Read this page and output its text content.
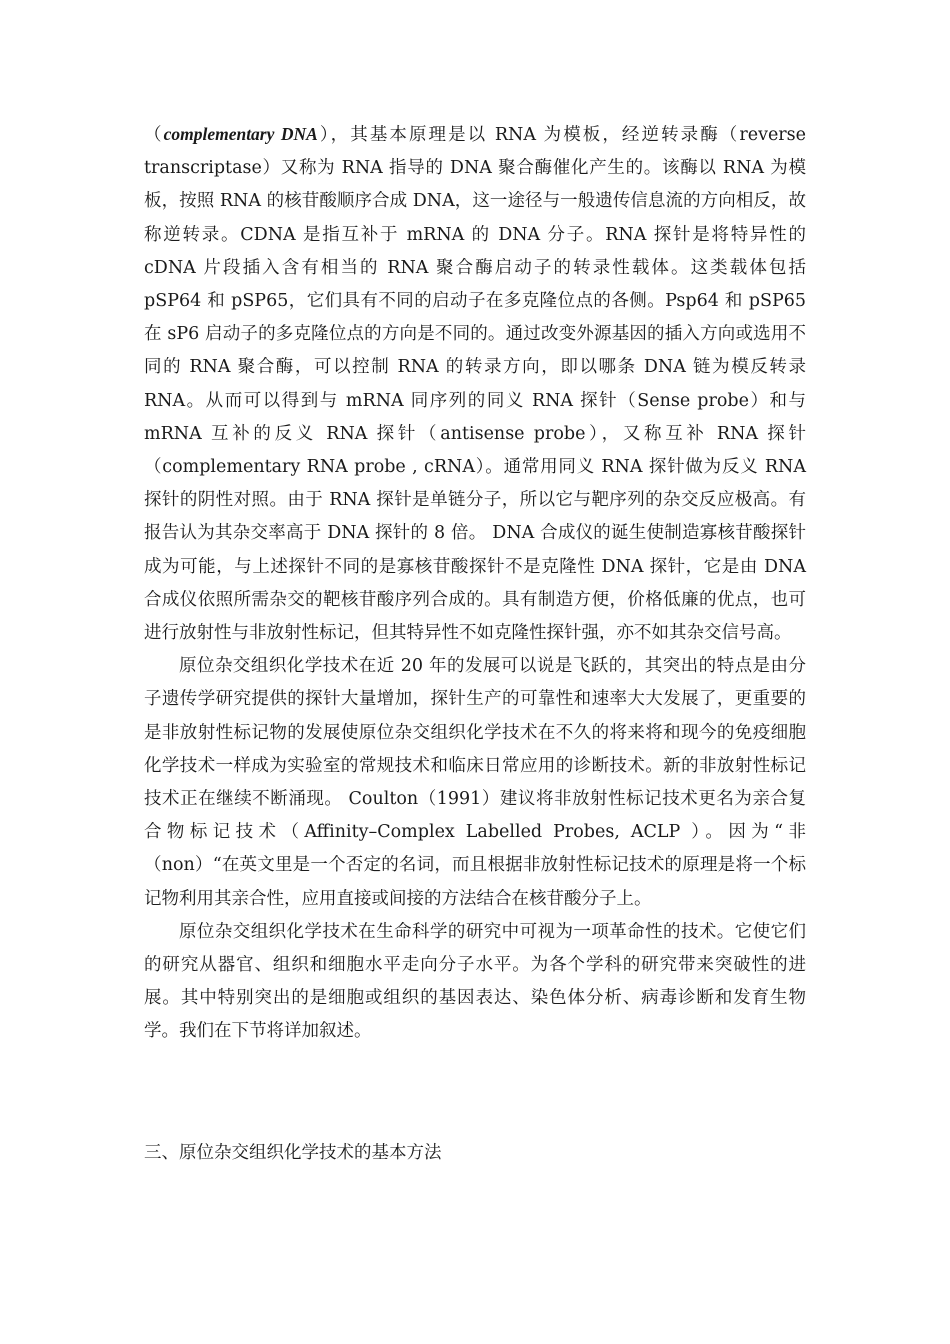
（complementary DNA），其基本原理是以 RNA 为模板，经逆转录酶（reverse transcriptase）又称为 RNA 指导的 DNA 聚合酶催化产生的。该酶以 RNA 为模板，按照 RNA 的核苷酸顺序合成 DNA，这一途径与一般遗传信息流的方向相反，故称逆转录。CDNA 是指互补于 mRNA 的 DNA 分子。RNA 探针是将特异性的 cDNA 片段插入含有相当的 RNA 聚合酶启动子的转录性载体。这类载体包括 pSP64 和 pSP65，它们具有不同的启动子在多克隆位点的各侧。Psp64 和 pSP65 在 sP6 启动子的多克隆位点的方向是不同的。通过改变外源基因的插入方向或选用不同的 RNA 聚合酶，可以控制 RNA 的转录方向，即以哪条 DNA 链为模反转录 RNA。从而可以得到与 mRNA 同序列的同义 RNA 探针（Sense probe）和与 mRNA 互补的反义 RNA 探针（antisense probe），又称互补 RNA 探针（complementary RNA probe , cRNA）。通常用同义 RNA 探针做为反义 RNA 探针的阴性对照。由于 RNA 探针是单链分子，所以它与靶序列的杂交反应极高。有报告认为其杂交率高于 DNA 探针的 8 倍。 DNA 合成仪的诞生使制造寡核苷酸探针成为可能，与上述探针不同的是寡核苷酸探针不是克隆性 DNA 探针，它是由 DNA 合成仪依照所需杂交的靶核苷酸序列合成的。具有制造方便，价格低廉的优点，也可进行放射性与非放射性标记，但其特异性不如克隆性探针强，亦不如其杂交信号高。

原位杂交组织化学技术在近 20 年的发展可以说是飞跃的，其突出的特点是由分子遗传学研究提供的探针大量增加，探针生产的可靠性和速率大大发展了，更重要的是非放射性标记物的发展使原位杂交组织化学技术在不久的将来将和现今的免疫细胞化学技术一样成为实验室的常规技术和临床日常应用的诊断技术。新的非放射性标记技术正在继续不断涌现。 Coulton（1991）建议将非放射性标记技术更名为亲合复合物标记技术（Affinity–Complex Labelled Probes, ACLP ）。因为“非（non）“在英文里是一个否定的名词，而且根据非放射性标记技术的原理是将一个标记物利用其亲合性，应用直接或间接的方法结合在核苷酸分子上。

原位杂交组织化学技术在生命科学的研究中可视为一项革命性的技术。它使它们的研究从器官、组织和细胞水平走向分子水平。为各个学科的研究带来突破性的进展。其中特别突出的是细胞或组织的基因表达、染色体分析、病毒诊断和发育生物学。我们在下节将详加叙述。

三、原位杂交组织化学技术的基本方法
